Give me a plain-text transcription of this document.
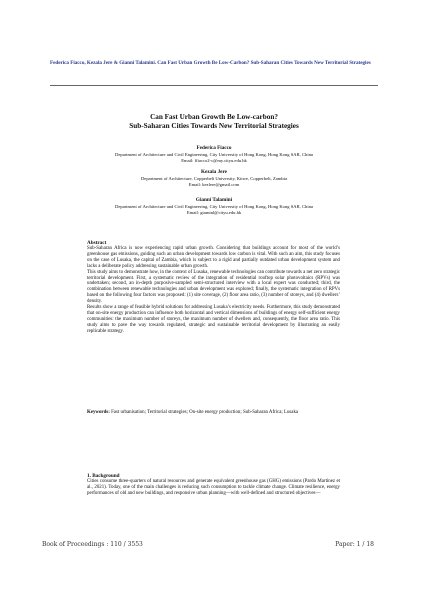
Federica Fiacco, Kezala Jere & Gianni Talamini. Can Fast Urban Growth Be Low-Carbon? Sub-Saharan Cities Towards New Territorial Strategies
Can Fast Urban Growth Be Low-carbon?
Sub-Saharan Cities Towards New Territorial Strategies
Federica Fiacco
Department of Architecture and Civil Engineering, City University of Hong Kong, Hong Kong SAR, China
Email: ffiacco2-c@my.cityu.edu.hk
Kezala Jere
Department of Architecture, Copperbelt University, Kitwe, Copperbelt, Zambia
Email: kezlere@gmail.com
Gianni Talamini
Department of Architecture and Civil Engineering, City University of Hong Kong, Hong Kong SAR, China
Email: gtaminl@cityu.edu.hk
Abstract

Sub-Saharan Africa is now experiencing rapid urban growth. Considering that buildings account for most of the world’s greenhouse gas emissions, guiding such an urban development towards low carbon is vital. With such an aim, this study focuses on the case of Lusaka, the capital of Zambia, which is subject to a rigid and partially outdated urban development system and lacks a deliberate policy addressing sustainable urban growth.

This study aims to demonstrate how, in the context of Lusaka, renewable technologies can contribute towards a net zero strategic territorial development. First, a systematic review of the integration of residential rooftop solar photovoltaics (RPVs) was undertaken; second, an in-depth purposive-sampled semi-structured interview with a local expert was conducted; third, the combination between renewable technologies and urban development was explored; finally, the systematic integration of RPVs based on the following four factors was proposed: (1) site coverage, (2) floor area ratio, (3) number of storeys, and (4) dwellers’ density.

Results show a range of feasible hybrid solutions for addressing Lusaka’s electricity needs. Furthermore, this study demonstrated that on-site energy production can influence both horizontal and vertical dimensions of buildings of energy self-sufficient energy communities: the maximum number of storeys, the maximum number of dwellers and, consequently, the floor area ratio. This study aims to pave the way towards regulated, strategic and sustainable territorial development by illustrating an easily replicable strategy.

Keywords: Fast urbanisation; Territorial strategies; On-site energy production; Sub-Saharan Africa; Lusaka
1. Background

Cities consume three-quarters of natural resources and generate equivalent greenhouse gas (GHG) emissions (Pardo Martínez et al., 2021). Today, one of the main challenges is reducing such consumption to tackle climate change. Climate resilience, energy performances of old and new buildings, and responsive urban planning—with well-defined and structured objectives—

Book of Proceedings : 110 / 3553	Paper: 1 / 18
